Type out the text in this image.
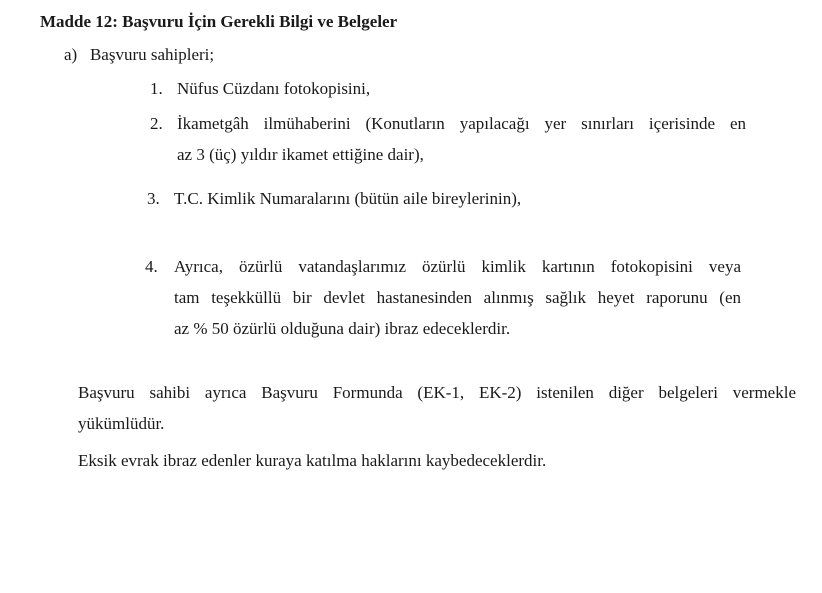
Madde 12: Başvuru İçin Gerekli Bilgi ve Belgeler
a)   Başvuru sahipleri;
1. Nüfus Cüzdanı fotokopisini,
2. İkametgâh ilmühaberini (Konutların yapılacağı yer sınırları içerisinde en
az 3 (üç) yıldır ikamet ettiğine dair),
3. T.C. Kimlik Numaralarını (bütün aile bireylerinin),
4. Ayrıca, özürlü vatandaşlarımız özürlü kimlik kartının fotokopisini veya
tam teşekküllü bir devlet hastanesinden alınmış sağlık heyet raporunu (en
az % 50 özürlü olduğuna dair) ibraz edeceklerdir.
Başvuru sahibi ayrıca Başvuru Formunda (EK-1, EK-2) istenilen diğer belgeleri vermekle
yükümlüdür.
Eksik evrak ibraz edenler kuraya katılma haklarını kaybedeceklerdir.
